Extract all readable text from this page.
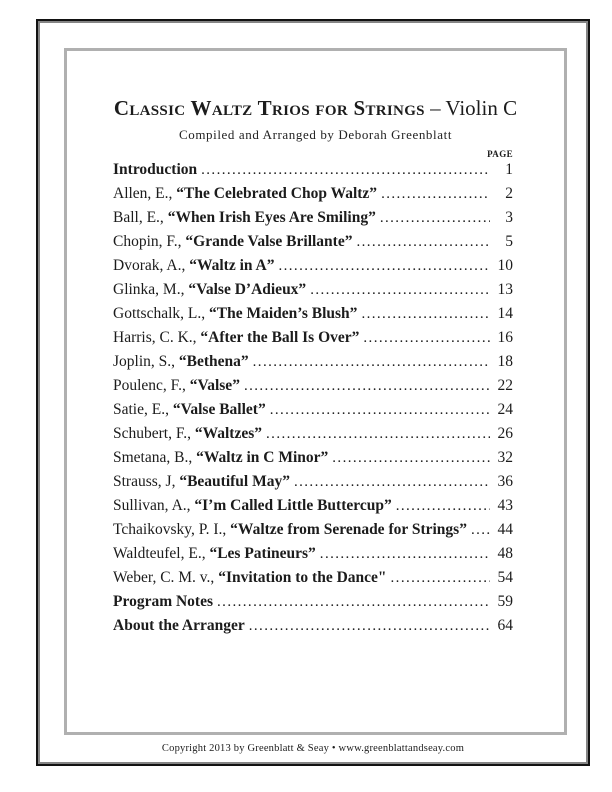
Classic Waltz Trios for Strings – Violin C
Compiled and Arranged by Deborah Greenblatt
PAGE
Introduction .....	1
Allen, E., “The Celebrated Chop Waltz” .....	2
Ball, E., “When Irish Eyes Are Smiling” .....	3
Chopin, F., “Grande Valse Brillante” .....	5
Dvorak, A., “Waltz in A” .....	10
Glinka, M., “Valse D’Adieux” .....	13
Gottschalk, L., “The Maiden’s Blush” .....	14
Harris, C. K., “After the Ball Is Over” .....	16
Joplin, S., “Bethena” .....	18
Poulenc, F., “Valse” .....	22
Satie, E., “Valse Ballet” .....	24
Schubert, F., “Waltzes” .....	26
Smetana, B., “Waltz in C Minor” .....	32
Strauss, J, “Beautiful May” .....	36
Sullivan, A., “I’m Called Little Buttercup” .....	43
Tchaikovsky, P. I., “Waltze from Serenade for Strings” ..... 44
Waldteufel, E., “Les Patineurs” .....	48
Weber, C. M. v., “Invitation to the Dance" .....	54
Program Notes .....	59
About the Arranger .....	64
Copyright 2013 by Greenblatt & Seay • www.greenblattandseay.com
